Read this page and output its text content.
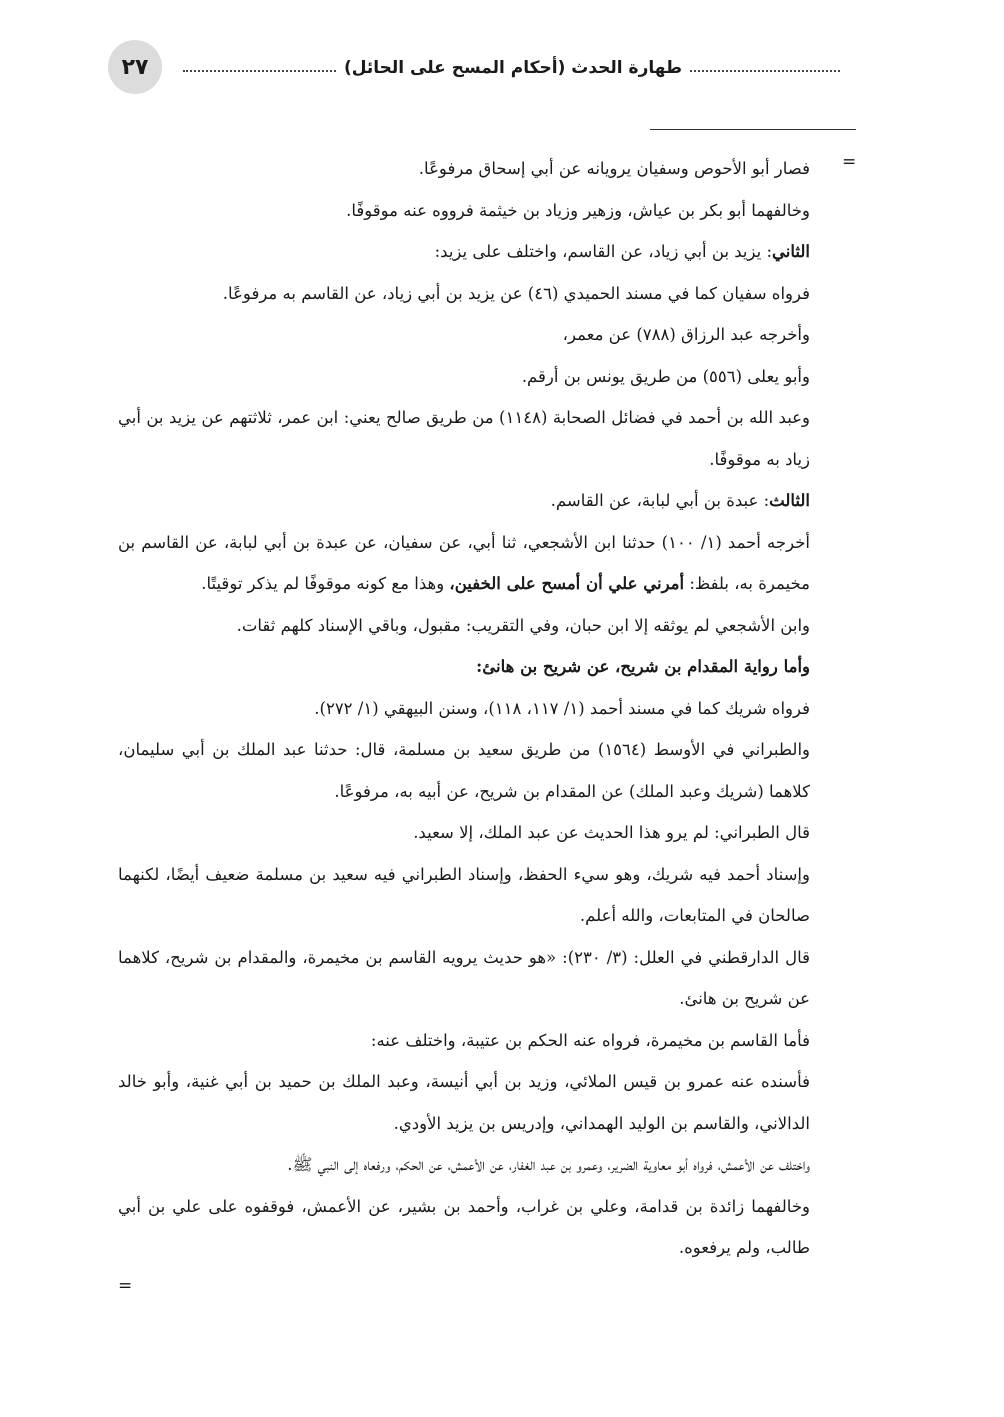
٢٧	طهارة الحدث (أحكام المسح على الحائل)
=
=

فصار أبو الأحوص وسفيان يرويانه عن أبي إسحاق مرفوعًا.

وخالفهما أبو بكر بن عياش، وزهير وزياد بن خيثمة فرووه عنه موقوفًا.

الثاني: يزيد بن أبي زياد، عن القاسم، واختلف على يزيد:

فرواه سفيان كما في مسند الحميدي (٤٦) عن يزيد بن أبي زياد، عن القاسم به مرفوعًا.

وأخرجه عبد الرزاق (٧٨٨) عن معمر،

وأبو يعلى (٥٥٦) من طريق يونس بن أرقم.

وعبد الله بن أحمد في فضائل الصحابة (١١٤٨) من طريق صالح يعني: ابن عمر، ثلاثتهم عن يزيد بن أبي زياد به موقوفًا.

الثالث: عبدة بن أبي لبابة، عن القاسم.

أخرجه أحمد (١/ ١٠٠) حدثنا ابن الأشجعي، ثنا أبي، عن سفيان، عن عبدة بن أبي لبابة، عن القاسم بن مخيمرة به، بلفظ: أمرني علي أن أمسح على الخفين، وهذا مع كونه موقوفًا لم يذكر توقيتًا.

وابن الأشجعي لم يوثقه إلا ابن حبان، وفي التقريب: مقبول، وباقي الإسناد كلهم ثقات.

وأما رواية المقدام بن شريح، عن شريح بن هانئ:

فرواه شريك كما في مسند أحمد (١/ ١١٧، ١١٨)، وسنن البيهقي (١/ ٢٧٢).

والطبراني في الأوسط (١٥٦٤) من طريق سعيد بن مسلمة، قال: حدثنا عبد الملك بن أبي سليمان، كلاهما (شريك وعبد الملك) عن المقدام بن شريح، عن أبيه به، مرفوعًا.

قال الطبراني: لم يرو هذا الحديث عن عبد الملك، إلا سعيد.

وإسناد أحمد فيه شريك، وهو سيء الحفظ، وإسناد الطبراني فيه سعيد بن مسلمة ضعيف أيضًا، لكنهما صالحان في المتابعات، والله أعلم.

قال الدارقطني في العلل: (٣/ ٢٣٠): «هو حديث يرويه القاسم بن مخيمرة، والمقدام بن شريح، كلاهما عن شريح بن هانئ.

فأما القاسم بن مخيمرة، فرواه عنه الحكم بن عتيبة، واختلف عنه:

فأسنده عنه عمرو بن قيس الملائي، وزيد بن أبي أنيسة، وعبد الملك بن حميد بن أبي غنية، وأبو خالد الدالاني، والقاسم بن الوليد الهمداني، وإدريس بن يزيد الأودي.

واختلف عن الأعمش، فرواه أبو معاوية الضرير، وعمرو بن عبد الغفار، عن الأعمش، عن الحكم، ورفعاه إلى النبي ﷺ.

وخالفهما زائدة بن قدامة، وعلي بن غراب، وأحمد بن بشير، عن الأعمش، فوقفوه على علي بن أبي طالب، ولم يرفعوه.
